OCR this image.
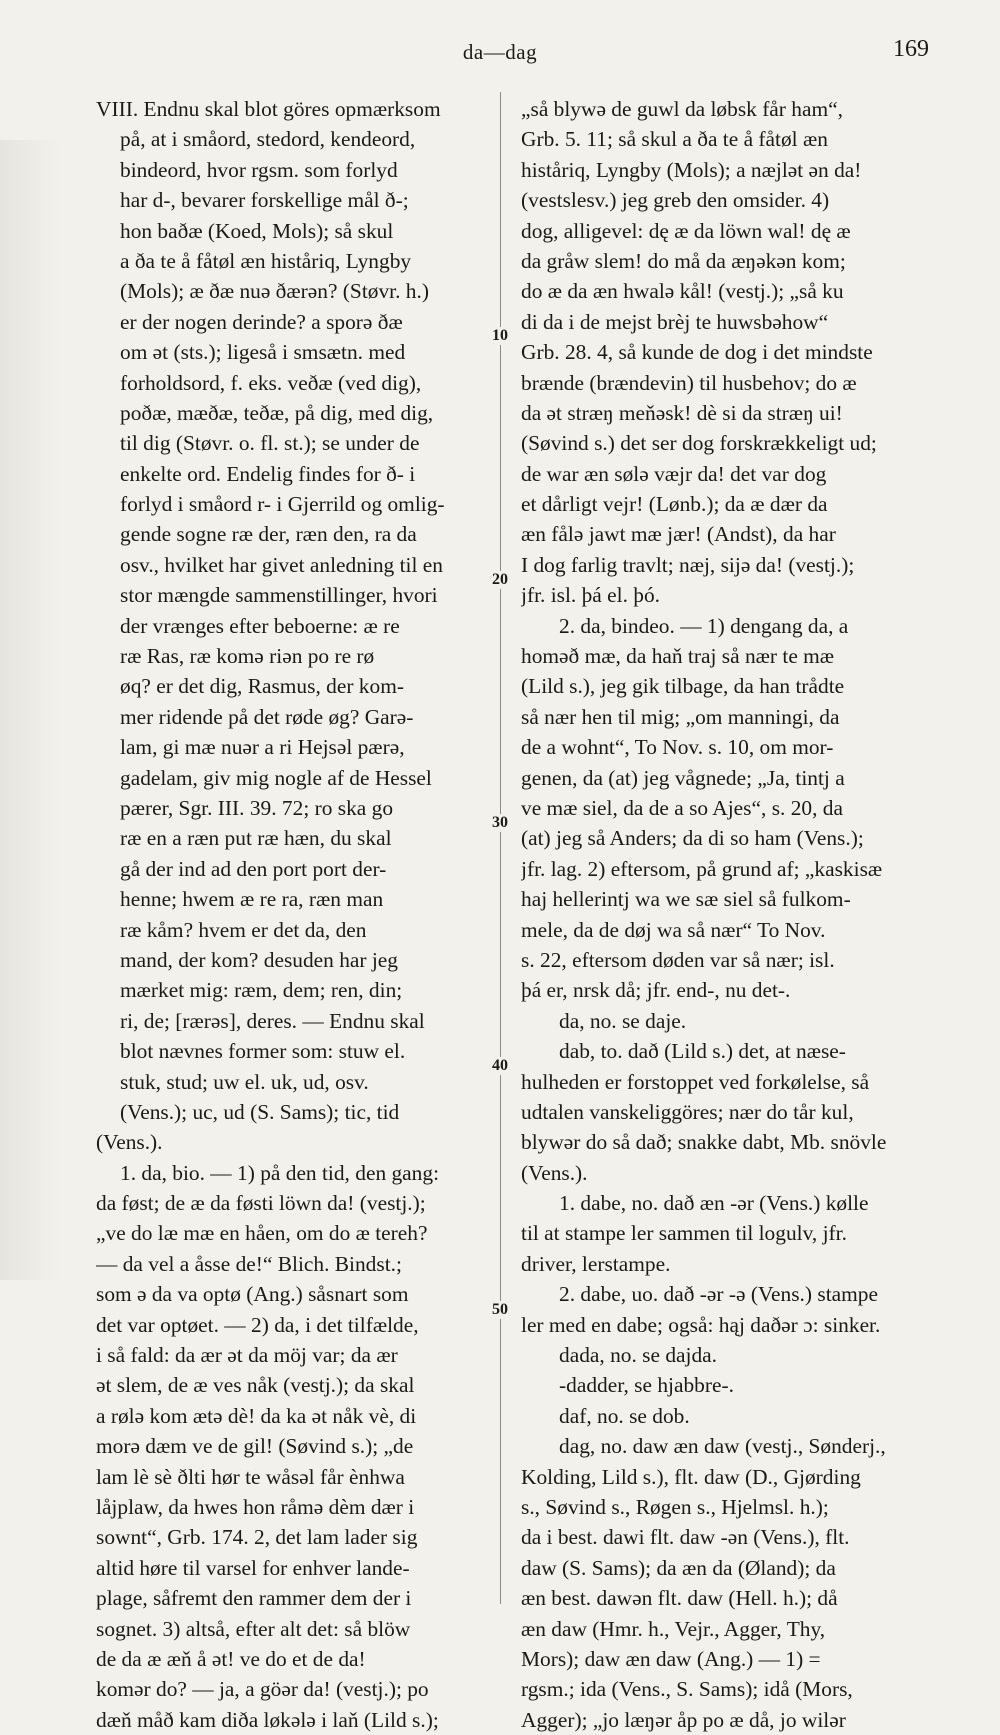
da—dag	169
VIII. Endnu skal blot göres opmærksom
på, at i småord, stedord, kendeord,
bindeord, hvor rgsm. som forlyd
har d-, bevarer forskellige mål ð-;
hon baðæ (Koed, Mols); så skul
a ða te å fåtøl æn histåriq, Lyngby
(Mols); æ ðæ nuə ðærən? (Støvr. h.)
er der nogen derinde? a sporə ðæ
om ət (sts.); ligeså i smsætn. med
forholdsord, f. eks. veðæ (ved dig),
poðæ, mæðæ, teðæ, på dig, med dig,
til dig (Støvr. o. fl. st.); se under de
enkelte ord. Endelig findes for ð- i
forlyd i småord r- i Gjerrild og omlig-
gende sogne ræ der, ræn den, ra da
osv., hvilket har givet anledning til en
stor mængde sammenstillinger, hvori
der vrænges efter beboerne: æ re
ræ Ras, ræ komə riən po re rø
øq? er det dig, Rasmus, der kom-
mer ridende på det røde øg? Garə-
lam, gi mæ nuər a ri Hejsəl pærə,
gadelam, giv mig nogle af de Hessel
pærer, Sgr. III. 39. 72; ro ska go
ræ en a ræn put ræ hæn, du skal
gå der ind ad den port port der-
henne; hwem æ re ra, ræn man
ræ kåm? hvem er det da, den
mand, der kom? desuden har jeg
mærket mig: ræm, dem; ren, din;
ri, de; [rærəs], deres. — Endnu skal
blot nævnes former som: stuw el.
stuk, stud; uw el. uk, ud, osv.
(Vens.); uc, ud (S. Sams); tic, tid
(Vens.).
1. da, bio. — 1) på den tid, den gang:
da føst; de æ da føsti löwn da! (vestj.);
„ve do læ mæ en håen, om do æ tereh?
— da vel a åsse de!“ Blich. Bindst.;
som ə da va optø (Ang.) såsnart som
det var optøet. — 2) da, i det tilfælde,
i så fald: da ær ət da möj var; da ær
ət slem, de æ ves nåk (vestj.); da skal
a rølə kom ætə dè! da ka ət nåk vè, di
morə dæm ve de gil! (Søvind s.); „de
lam lè sè ðlti hør te wåsəl får ènhwa
låjplaw, da hwes hon råmə dèm dær i
sownt“, Grb. 174. 2, det lam lader sig
altid høre til varsel for enhver lande-
plage, såfremt den rammer dem der i
sognet. 3) altså, efter alt det: så blöw
de da æ æň å ət! ve do et de da!
komər do? — ja, a göər da! (vestj.); po
dæň måð kam diða løkələ i laň (Lild s.);
„så blywə de guwl da løbsk får ham“,
Grb. 5. 11; så skul a ða te å fåtøl æn
histåriq, Lyngby (Mols); a næjlət ən da!
(vestslesv.) jeg greb den omsider. 4)
dog, alligevel: dę æ da löwn wal! dę æ
da gråw slem! do må da æŋəkən kom;
do æ da æn hwalə kål! (vestj.); „så ku
di da i de mejst brèj te huwsbəhow“
Grb. 28. 4, så kunde de dog i det mindste
brænde (brændevin) til husbehov; do æ
da ət stræŋ meňəsk! dè si da stræŋ ui!
(Søvind s.) det ser dog forskrækkeligt ud;
de war æn sølə væjr da! det var dog
et dårligt vejr! (Lønb.); da æ dær da
æn fålə jawt mæ jær! (Andst), da har
I dog farlig travlt; næj, sijə da! (vestj.);
jfr. isl. þá el. þó.
2. da, bindeo. — 1) dengang da, a
homəð mæ, da haň traj så nær te mæ
(Lild s.), jeg gik tilbage, da han trådte
så nær hen til mig; „om manningi, da
de a wohnt“, To Nov. s. 10, om mor-
genen, da (at) jeg vågnede; „Ja, tintj a
ve mæ siel, da de a so Ajes“, s. 20, da
(at) jeg så Anders; da di so ham (Vens.);
jfr. lag. 2) eftersom, på grund af; „kaskisæ
haj hellerintj wa we sæ siel så fulkom-
mele, da de døj wa så nær“ To Nov.
s. 22, eftersom døden var så nær; isl.
þá er, nrsk då; jfr. end-, nu det-.
da, no. se daje.
dab, to. dað (Lild s.) det, at næse-
hulheden er forstoppet ved forkølelse, så
udtalen vanskeliggöres; nær do tår kul,
blywər do så dað; snakke dabt, Mb. snövle
(Vens.).
1. dabe, no. dað æn -ər (Vens.) kølle
til at stampe ler sammen til logulv, jfr.
driver, lerstampe.
2. dabe, uo. dað -ər -ə (Vens.) stampe
ler med en dabe; også: hąj daðər ɔ: sinker.
dada, no. se dajda.
-dadder, se hjabbre-.
daf, no. se dob.
dag, no. daw æn daw (vestj., Sønderj.,
Kolding, Lild s.), flt. daw (D., Gjørding
s., Søvind s., Røgen s., Hjelmsl. h.);
da i best. dawi flt. daw -ən (Vens.), flt.
daw (S. Sams); da æn da (Øland); da
æn best. dawən flt. daw (Hell. h.); då
æn daw (Hmr. h., Vejr., Agger, Thy,
Mors); daw æn daw (Ang.) — 1) =
rgsm.; ida (Vens., S. Sams); idå (Mors,
Agger); „jo læŋər åp po æ då, jo wilər
10
20
30
40
50
